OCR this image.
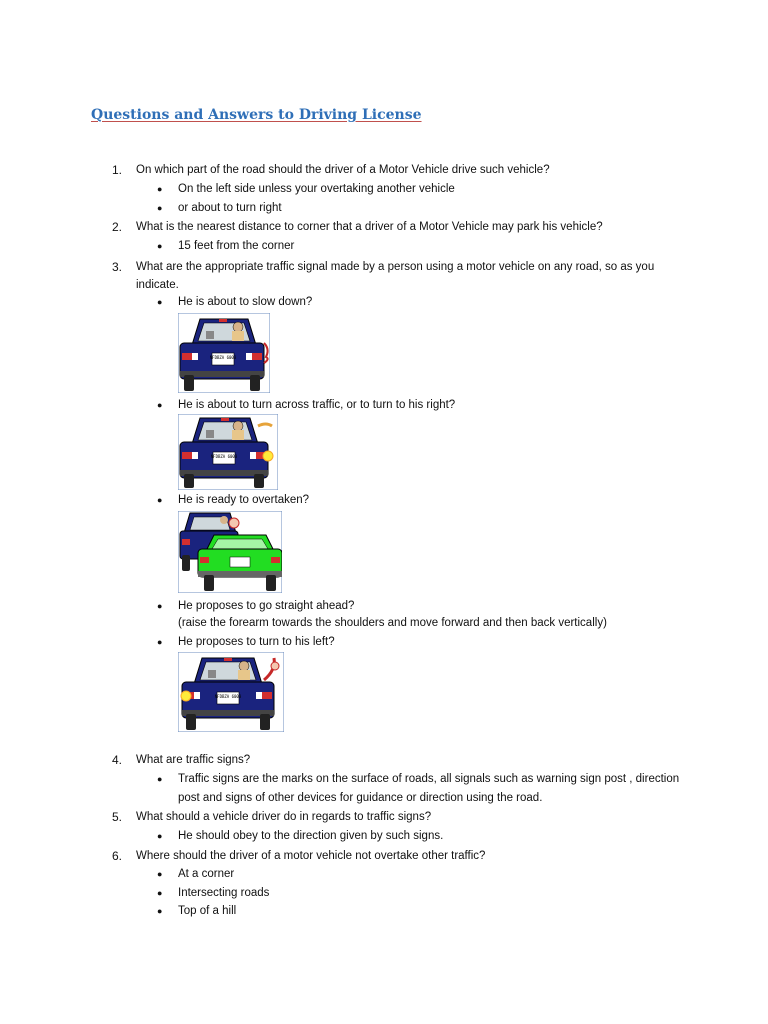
Questions and Answers to Driving License
1. On which part of the road should the driver of a Motor Vehicle drive such vehicle?
● On the left side unless your overtaking another vehicle
● or about to turn right
2. What is the nearest distance to corner that a driver of a Motor Vehicle may park his vehicle?
● 15 feet from the corner
3. What are the appropriate traffic signal made by a person using a motor vehicle on any road, so as you
indicate.
● He is about to slow down?
NFDBZA 6003
● He is about to turn across traffic, or to turn to his right?
NFDBZA 6003
● He is ready to overtaken?
● He proposes to go straight ahead?
(raise the forearm towards the shoulders and move forward and then back vertically)
● He proposes to turn to his left?
NFDBZA 6003
4. What are traffic signs?
● Traffic signs are the marks on the surface of roads, all signals such as warning sign post , direction
post and signs of other devices for guidance or direction using the road.
5. What should a vehicle driver do in regards to traffic signs?
● He should obey to the direction given by such signs.
6. Where should the driver of a motor vehicle not overtake other traffic?
● At a corner
● Intersecting roads
● Top of a hill
